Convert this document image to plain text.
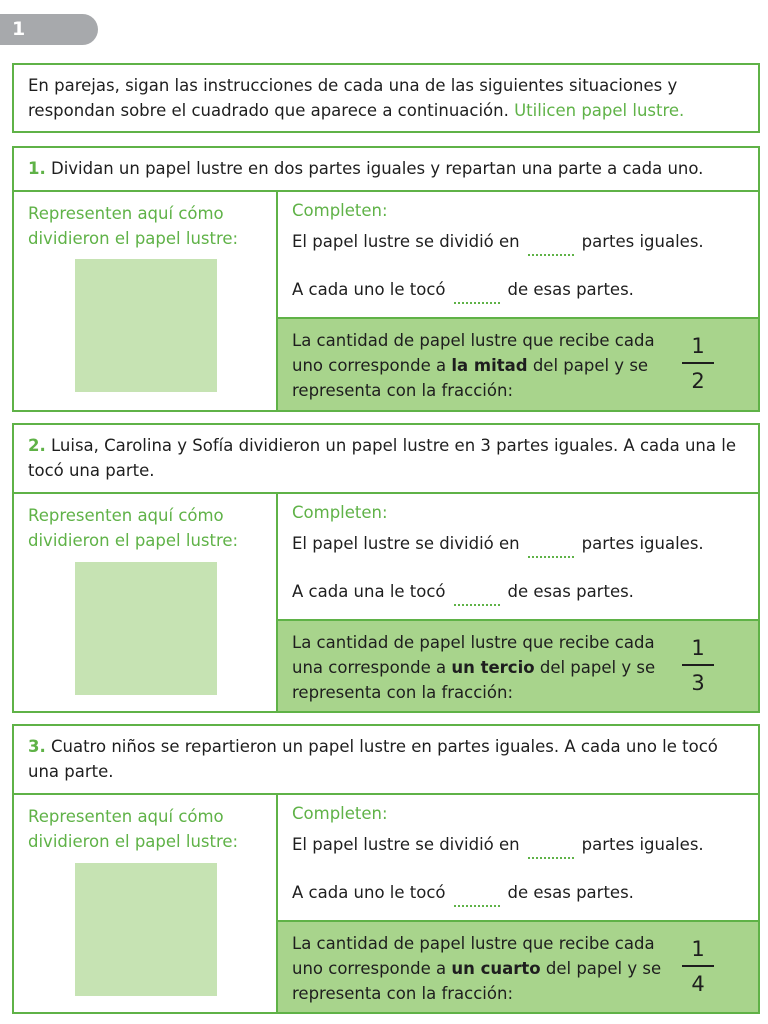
1
En parejas, sigan las instrucciones de cada una de las siguientes situaciones y respondan sobre el cuadrado que aparece a continuación. Utilicen papel lustre.
1. Dividan un papel lustre en dos partes iguales y repartan una parte a cada uno.
Representen aquí cómo dividieron el papel lustre:
Completen:
El papel lustre se dividió en	partes iguales.
A cada uno le tocó	de esas partes.
La cantidad de papel lustre que recibe cada uno corresponde a la mitad del papel y se representa con la fracción:
1
2
2. Luisa, Carolina y Sofía dividieron un papel lustre en 3 partes iguales. A cada una le tocó una parte.
Representen aquí cómo dividieron el papel lustre:
Completen:
El papel lustre se dividió en	partes iguales.
A cada una le tocó	de esas partes.
La cantidad de papel lustre que recibe cada una corresponde a un tercio del papel y se representa con la fracción:
1
3
3. Cuatro niños se repartieron un papel lustre en partes iguales. A cada uno le tocó una parte.
Representen aquí cómo dividieron el papel lustre:
Completen:
El papel lustre se dividió en	partes iguales.
A cada uno le tocó	de esas partes.
La cantidad de papel lustre que recibe cada uno corresponde a un cuarto del papel y se representa con la fracción:
1
4
